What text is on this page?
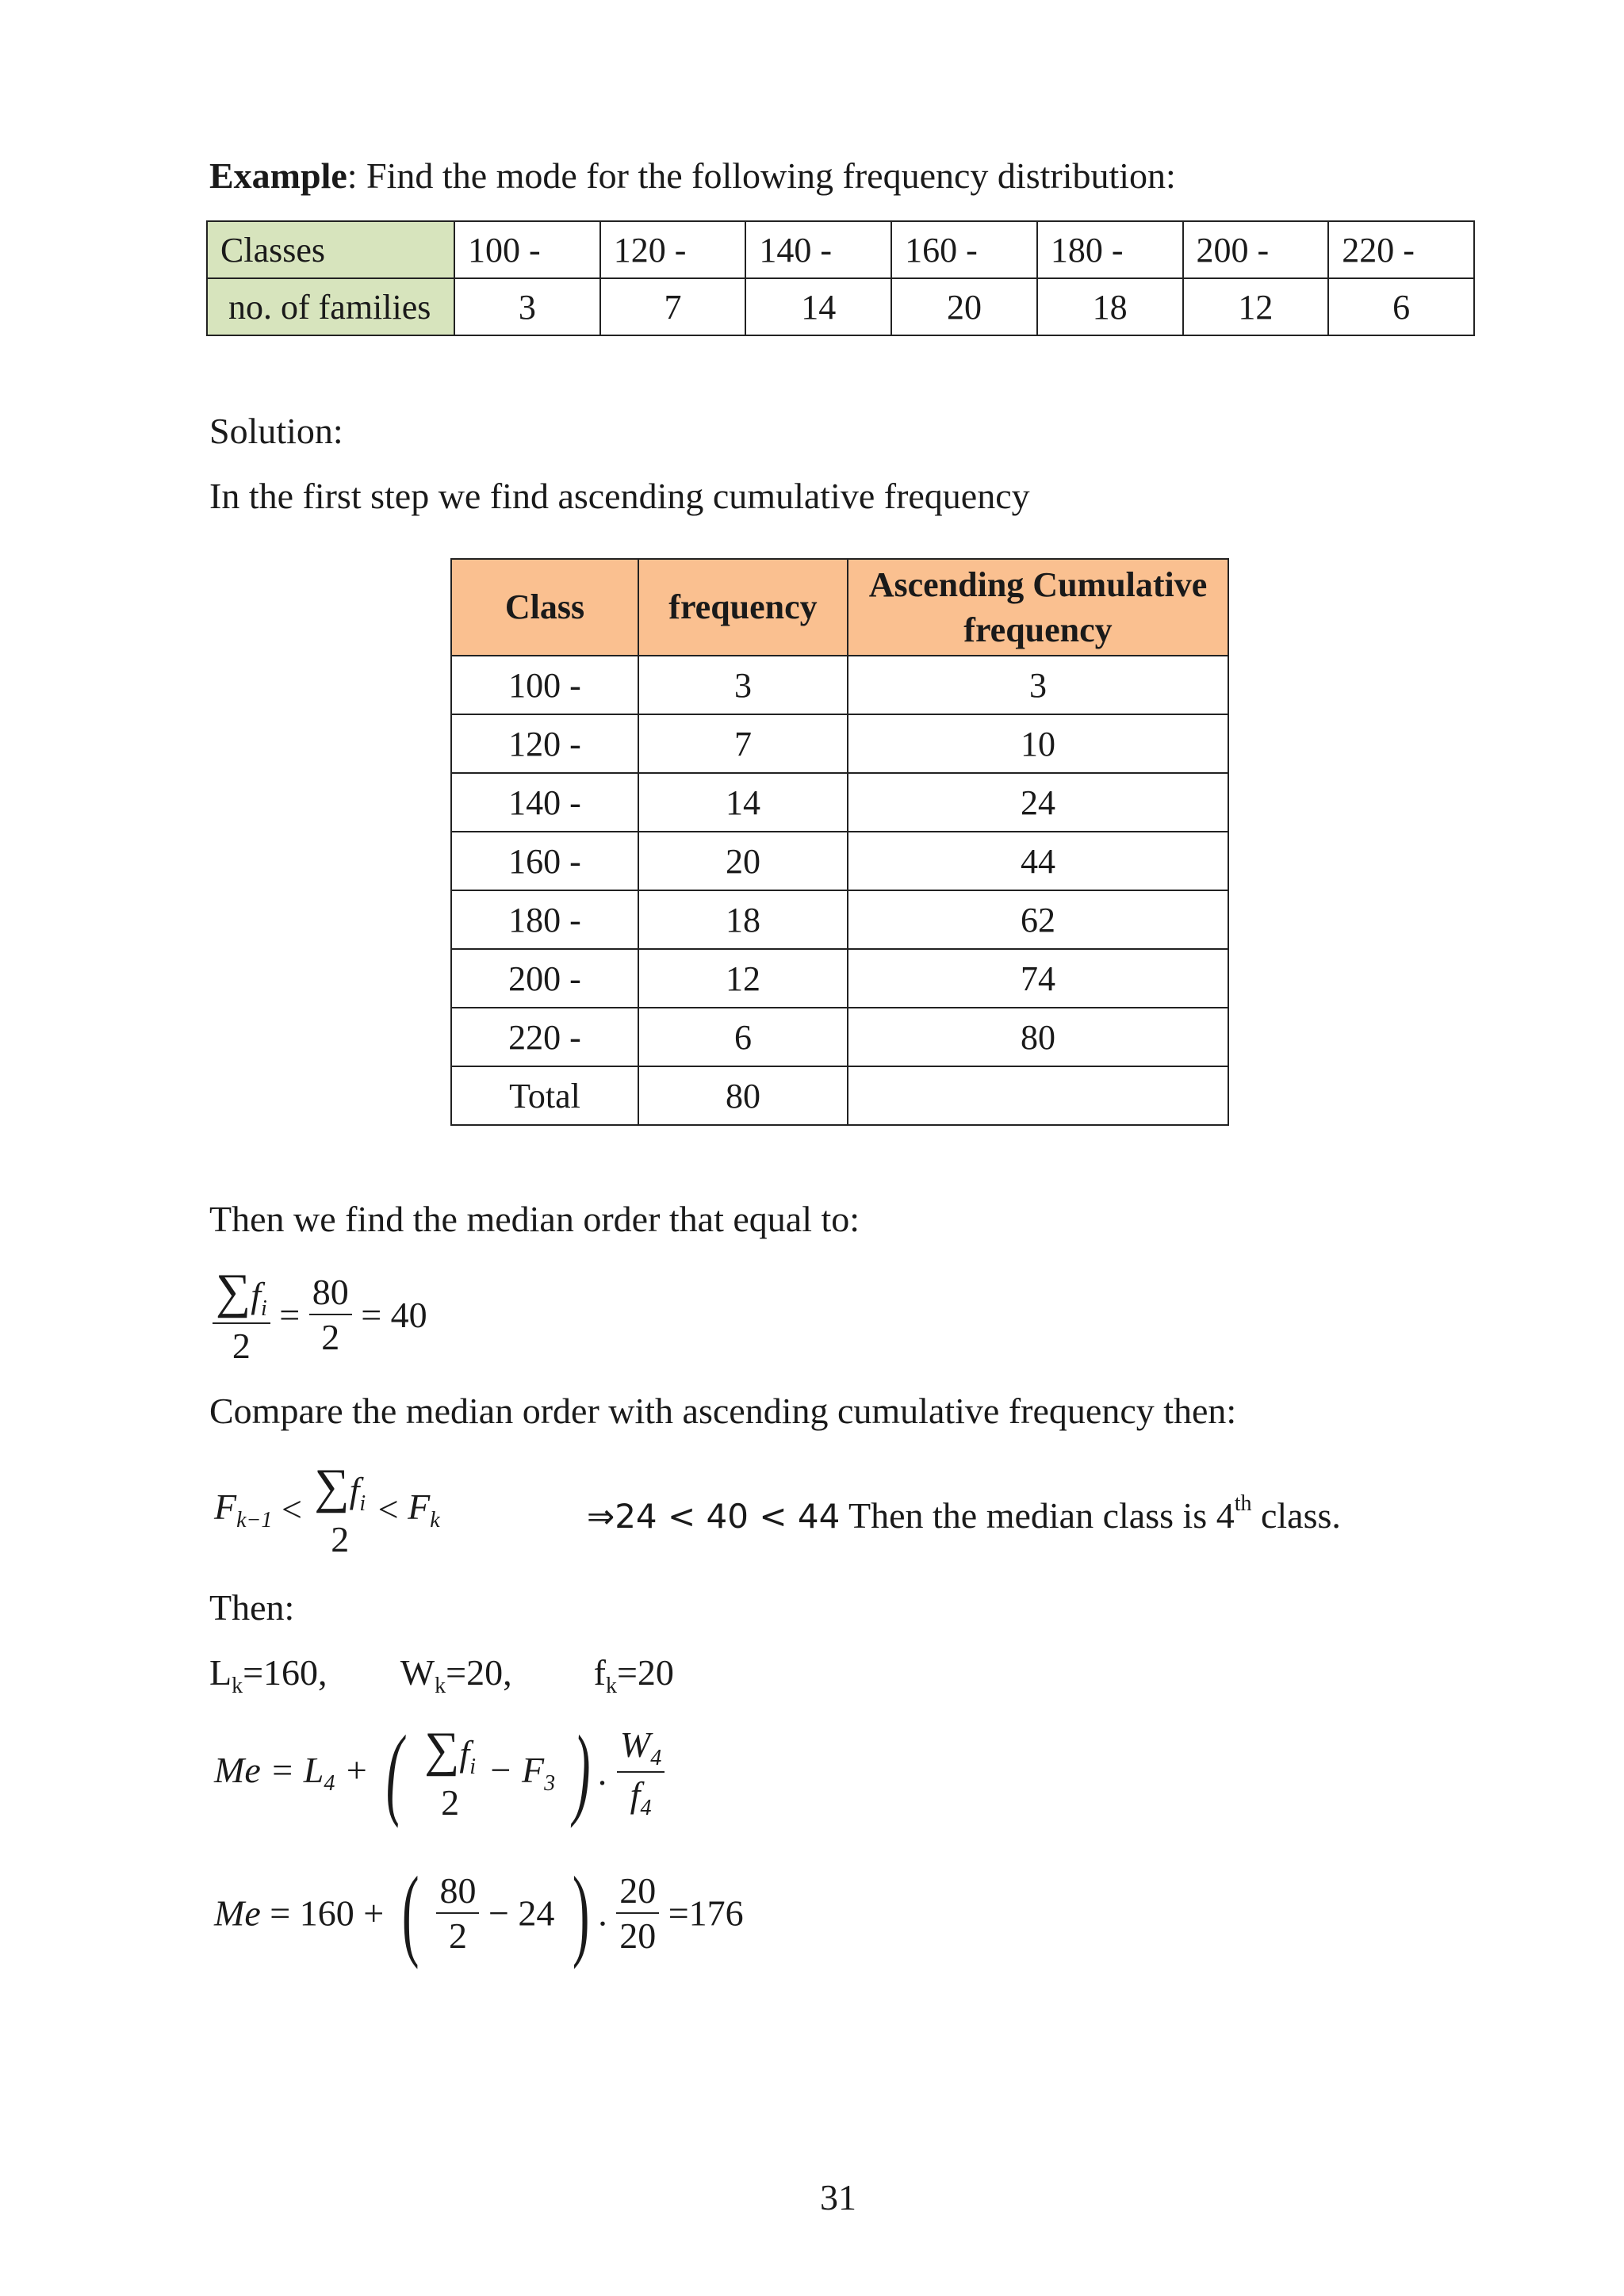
Example: Find the mode for the following frequency distribution:
Classes	100 -	120 -	140 -	160 -	180 -	200 -	220 -
no. of families	3	7	14	20	18	12	6
Solution:
In the first step we find ascending cumulative frequency
Class	frequency	Ascending Cumulative frequency
100 -	3	3
120 -	7	10
140 -	14	24
160 -	20	44
180 -	18	62
200 -	12	74
220 -	6	80
Total	80	
Then we find the median order that equal to:
$\frac{\sum f_i}{2} = \frac{80}{2} = 40$
Compare the median order with ascending cumulative frequency then:
$F_{k-1} < \sum f_i$
2
< $F_k$	⇒24 < 40 < 44 Then the median class is 4th class.
Then:
$L_k=160$, $W_k=20$, $f_k=20$
$Me = L_4$ + ( $\sum f_i$
2
− $F_3$ ) . $\frac{W_4}{f_4}$
Me = 160 + ( $\frac{80}{2} - 24$ ) . $\frac{20}{20} =176$
31
